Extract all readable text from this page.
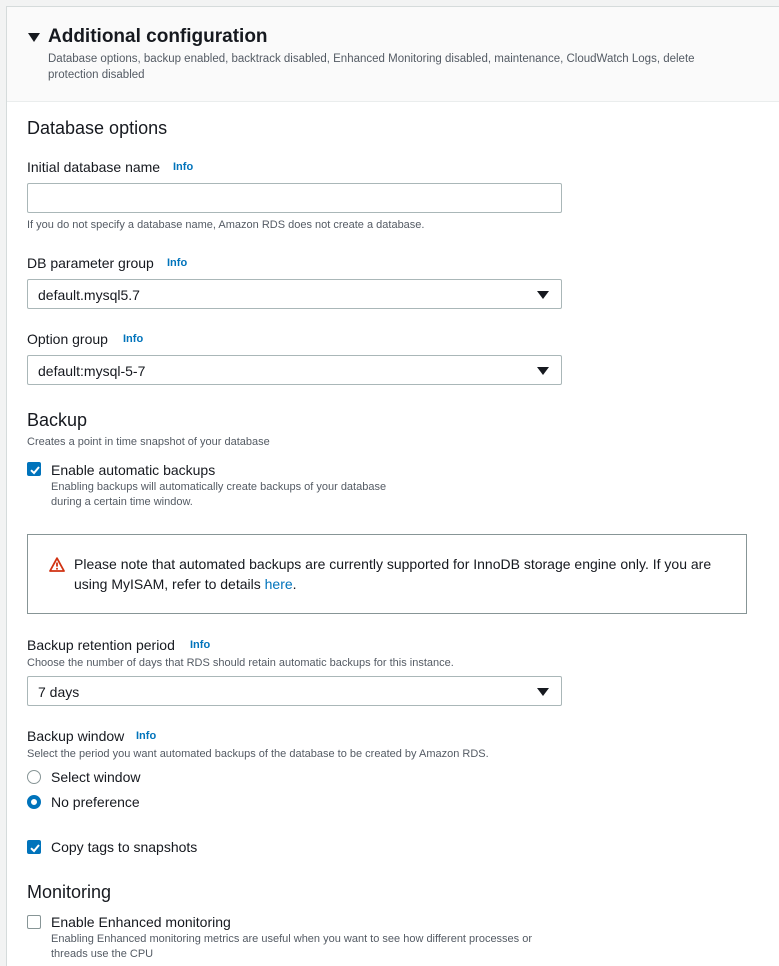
Additional configuration
Database options, backup enabled, backtrack disabled, Enhanced Monitoring disabled, maintenance, CloudWatch Logs, delete protection disabled
Database options
Initial database name Info
If you do not specify a database name, Amazon RDS does not create a database.
DB parameter group Info
default.mysql5.7
Option group Info
default:mysql-5-7
Backup
Creates a point in time snapshot of your database
Enable automatic backups
Enabling backups will automatically create backups of your database during a certain time window.
Please note that automated backups are currently supported for InnoDB storage engine only. If you are using MyISAM, refer to details here.
Backup retention period Info
Choose the number of days that RDS should retain automatic backups for this instance.
7 days
Backup window Info
Select the period you want automated backups of the database to be created by Amazon RDS.
Select window
No preference
Copy tags to snapshots
Monitoring
Enable Enhanced monitoring
Enabling Enhanced monitoring metrics are useful when you want to see how different processes or threads use the CPU
